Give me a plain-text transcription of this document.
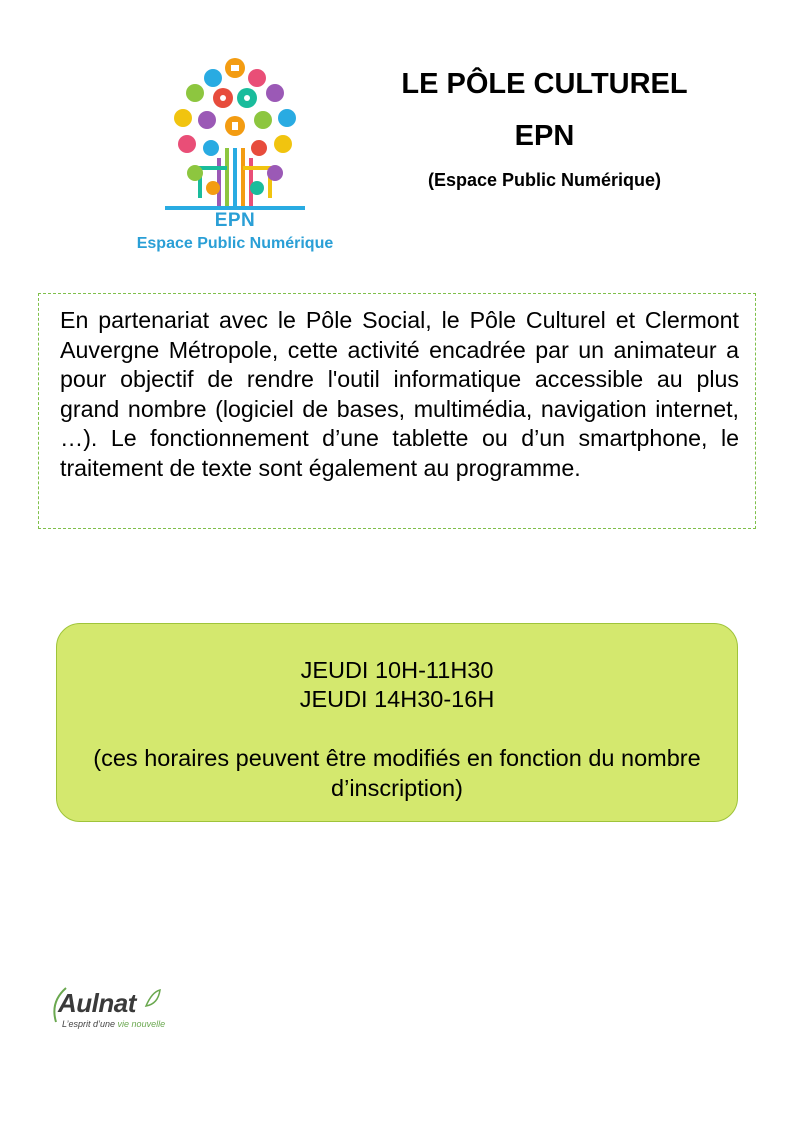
EPN
Espace Public Numérique
LE PÔLE CULTUREL
EPN
(Espace Public Numérique)

En partenariat avec le Pôle Social, le Pôle Culturel et Clermont Auvergne Métropole, cette activité encadrée par un animateur a pour objectif de rendre l'outil informatique accessible au plus grand nombre (logiciel de bases, multimédia, navigation internet, …). Le fonctionnement d’une tablette ou d’un smartphone, le traitement de texte sont également au programme.

JEUDI 10H-11H30
JEUDI 14H30-16H
(ces horaires peuvent être modifiés en fonction du nombre d’inscription)
Aulnat
L’esprit d’une vie nouvelle
